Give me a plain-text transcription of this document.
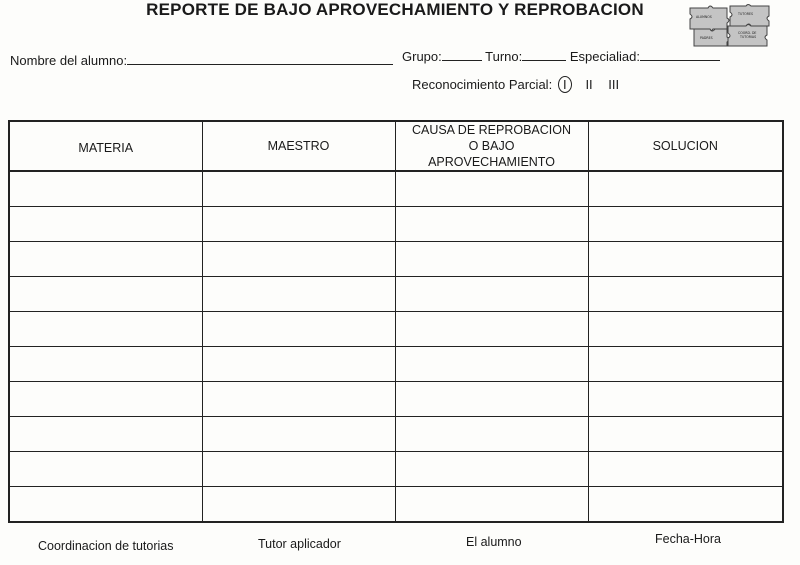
REPORTE DE BAJO APROVECHAMIENTO Y REPROBACION	ALUMNOS
TUTORES
PADRES
COORD. DE
TUTORIAS
Nombre del alumno:	Grupo:	Turno:	Especialiad:
Reconocimiento Parcial: I II III
MATERIA	MAESTRO	CAUSA DE REPROBACION O BAJO APROVECHAMIENTO	SOLUCION

Coordinacion de tutorias	Tutor aplicador	El alumno	Fecha-Hora
